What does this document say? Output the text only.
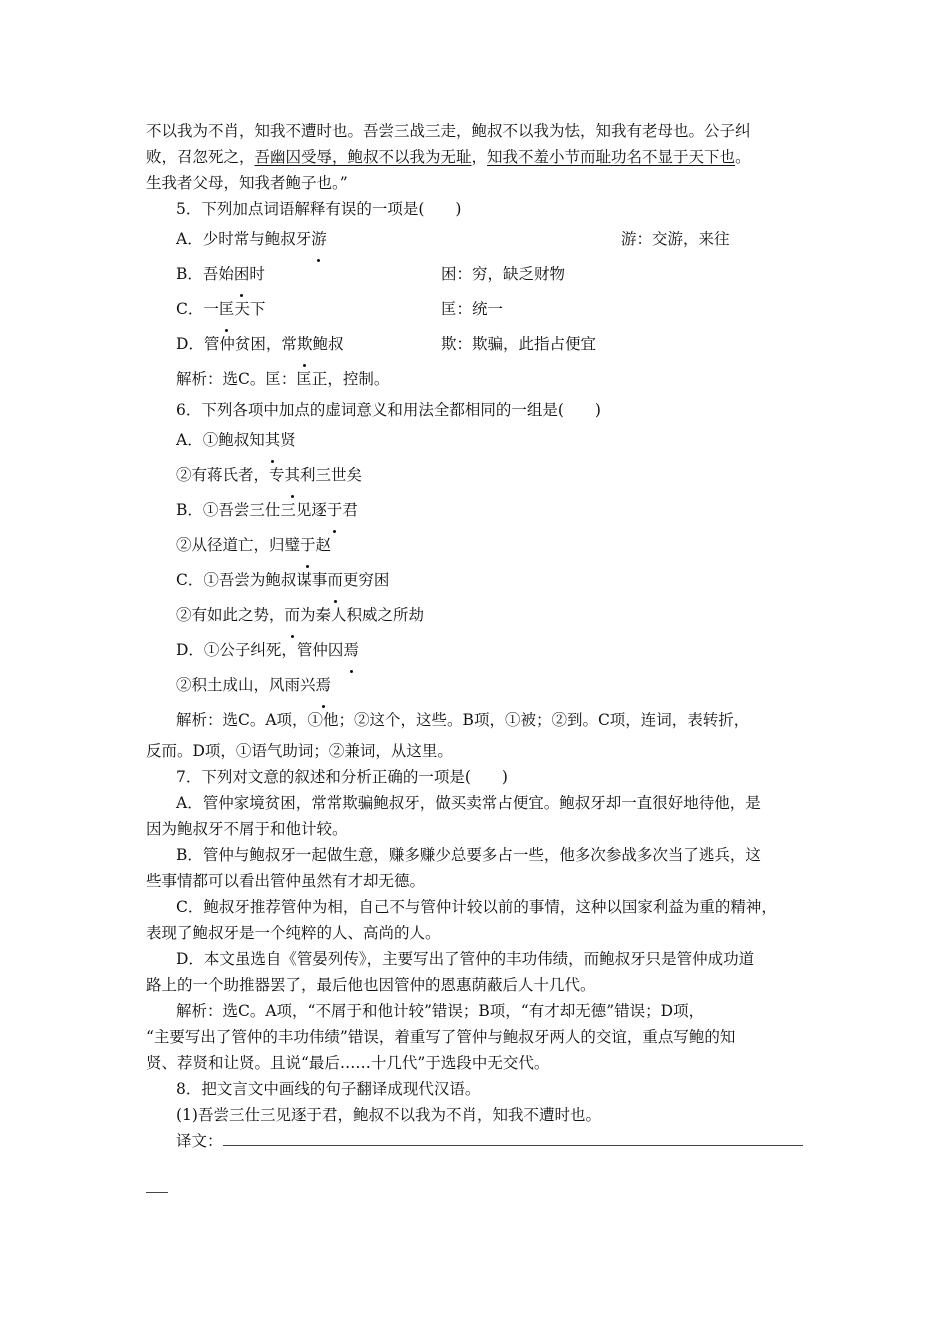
不以我为不肖，知我不遭时也。吾尝三战三走，鲍叔不以我为怯，知我有老母也。公子纠
败，召忽死之，吾幽囚受辱，鲍叔不以我为无耻，知我不羞小节而耻功名不显于天下也。
生我者父母，知我者鲍子也。”
5．下列加点词语解释有误的一项是(　　)
A．少时常与鲍叔牙游	游：交游，来往
B．吾始困时	困：穷，缺乏财物
C．一匡天下	匡：统一
D．管仲贫困，常欺鲍叔	欺：欺骗，此指占便宜
解析：选C。匡：匡正，控制。
6．下列各项中加点的虚词意义和用法全都相同的一组是(　　)
A．①鲍叔知其贤
②有蒋氏者，专其利三世矣
B．①吾尝三仕三见逐于君
②从径道亡，归璧于赵
C．①吾尝为鲍叔谋事而更穷困
②有如此之势，而为秦人积威之所劫
D．①公子纠死，管仲囚焉
②积土成山，风雨兴焉
解析：选C。A项，①他；②这个，这些。B项，①被；②到。C项，连词，表转折，
反而。D项，①语气助词；②兼词，从这里。
7．下列对文意的叙述和分析正确的一项是(　　)
A．管仲家境贫困，常常欺骗鲍叔牙，做买卖常占便宜。鲍叔牙却一直很好地待他，是
因为鲍叔牙不屑于和他计较。
B．管仲与鲍叔牙一起做生意，赚多赚少总要多占一些，他多次参战多次当了逃兵，这
些事情都可以看出管仲虽然有才却无德。
C．鲍叔牙推荐管仲为相，自己不与管仲计较以前的事情，这种以国家利益为重的精神，
表现了鲍叔牙是一个纯粹的人、高尚的人。
D．本文虽选自《管晏列传》，主要写出了管仲的丰功伟绩，而鲍叔牙只是管仲成功道
路上的一个助推器罢了，最后他也因管仲的恩惠荫蔽后人十几代。
解析：选C。A项，“不屑于和他计较”错误；B项，“有才却无德”错误；D项，
“主要写出了管仲的丰功伟绩”错误，着重写了管仲与鲍叔牙两人的交谊，重点写鲍的知
贤、荐贤和让贤。且说“最后……十几代”于选段中无交代。
8．把文言文中画线的句子翻译成现代汉语。
(1)吾尝三仕三见逐于君，鲍叔不以我为不肖，知我不遭时也。
译文：
